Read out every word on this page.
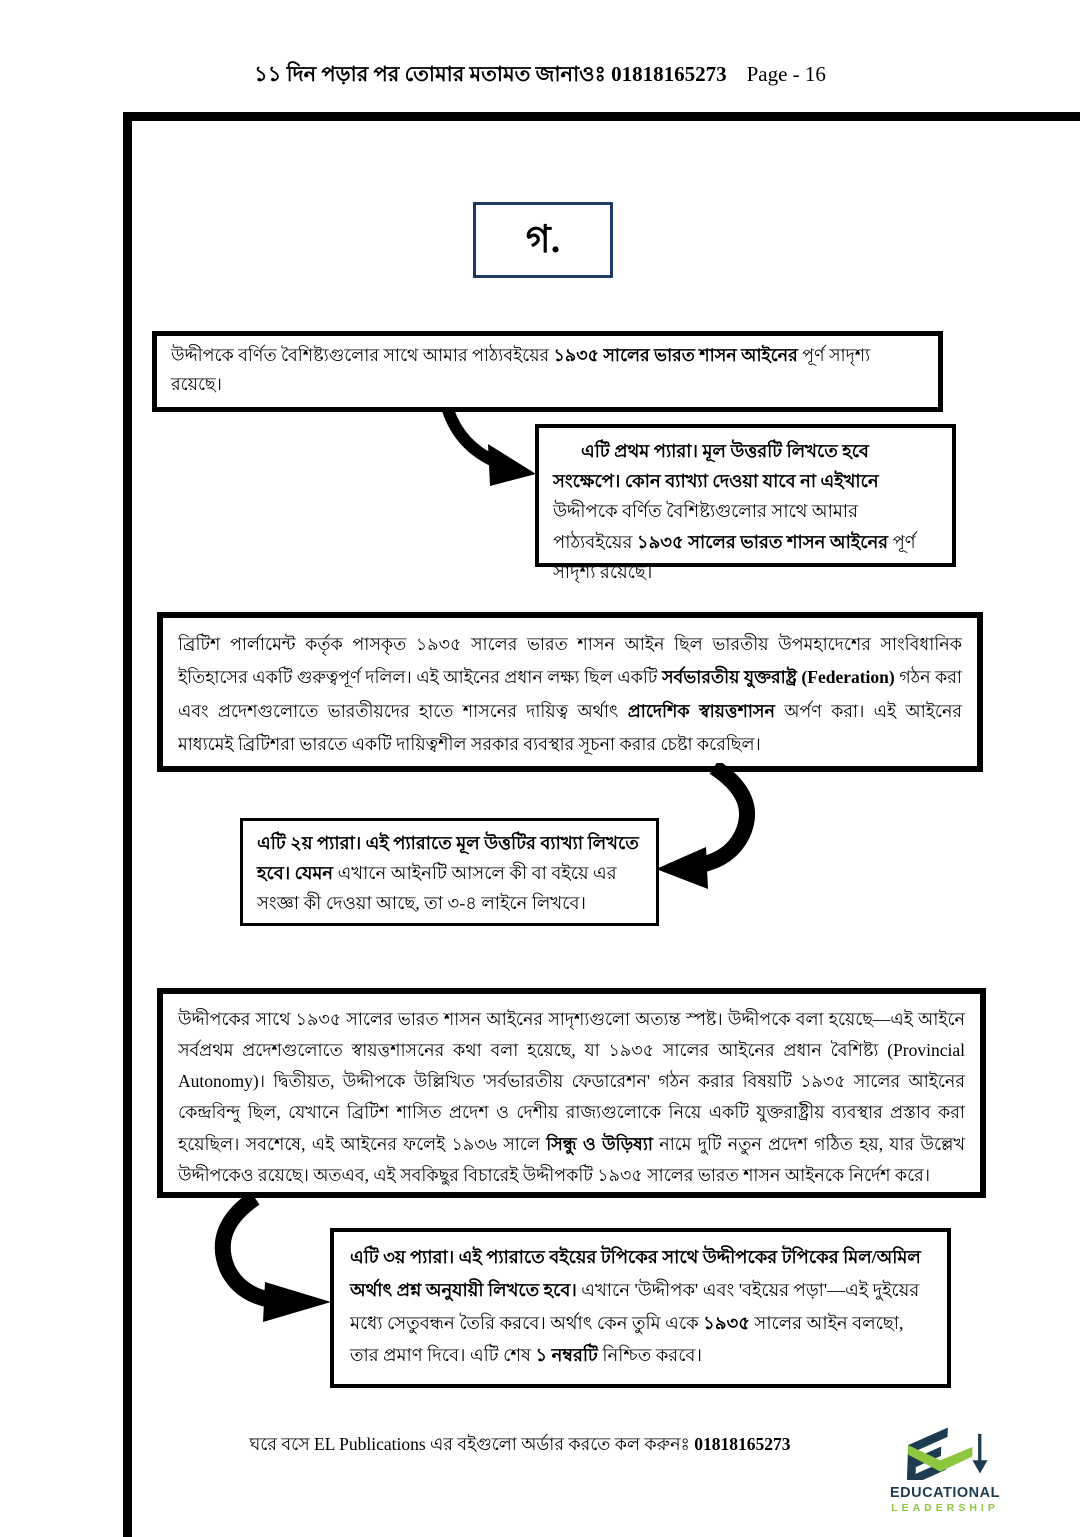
১১ দিন পড়ার পর তোমার মতামত জানাওঃ 01818165273 Page - 16
গ.

উদ্দীপকে বর্ণিত বৈশিষ্ট্যগুলোর সাথে আমার পাঠ্যবইয়ের ১৯৩৫ সালের ভারত শাসন আইনের পূর্ণ সাদৃশ্য রয়েছে।

এটি প্রথম প্যারা। মূল উত্তরটি লিখতে হবে সংক্ষেপে। কোন ব্যাখ্যা দেওয়া যাবে না এইখানে উদ্দীপকে বর্ণিত বৈশিষ্ট্যগুলোর সাথে আমার পাঠ্যবইয়ের ১৯৩৫ সালের ভারত শাসন আইনের পূর্ণ সাদৃশ্য রয়েছে।

ব্রিটিশ পার্লামেন্ট কর্তৃক পাসকৃত ১৯৩৫ সালের ভারত শাসন আইন ছিল ভারতীয় উপমহাদেশের সাংবিধানিক ইতিহাসের একটি গুরুত্বপূর্ণ দলিল। এই আইনের প্রধান লক্ষ্য ছিল একটি সর্বভারতীয় যুক্তরাষ্ট্র (Federation) গঠন করা এবং প্রদেশগুলোতে ভারতীয়দের হাতে শাসনের দায়িত্ব অর্থাৎ প্রাদেশিক স্বায়ত্তশাসন অর্পণ করা। এই আইনের মাধ্যমেই ব্রিটিশরা ভারতে একটি দায়িত্বশীল সরকার ব্যবস্থার সূচনা করার চেষ্টা করেছিল।

এটি ২য় প্যারা। এই প্যারাতে মূল উত্তটির ব্যাখ্যা লিখতে হবে। যেমন এখানে আইনটি আসলে কী বা বইয়ে এর সংজ্ঞা কী দেওয়া আছে, তা ৩-৪ লাইনে লিখবে।

উদ্দীপকের সাথে ১৯৩৫ সালের ভারত শাসন আইনের সাদৃশ্যগুলো অত্যন্ত স্পষ্ট। উদ্দীপকে বলা হয়েছে—এই আইনে সর্বপ্রথম প্রদেশগুলোতে স্বায়ত্তশাসনের কথা বলা হয়েছে, যা ১৯৩৫ সালের আইনের প্রধান বৈশিষ্ট্য (Provincial Autonomy)। দ্বিতীয়ত, উদ্দীপকে উল্লিখিত 'সর্বভারতীয় ফেডারেশন' গঠন করার বিষয়টি ১৯৩৫ সালের আইনের কেন্দ্রবিন্দু ছিল, যেখানে ব্রিটিশ শাসিত প্রদেশ ও দেশীয় রাজ্যগুলোকে নিয়ে একটি যুক্তরাষ্ট্রীয় ব্যবস্থার প্রস্তাব করা হয়েছিল। সবশেষে, এই আইনের ফলেই ১৯৩৬ সালে সিন্ধু ও উড়িষ্যা নামে দুটি নতুন প্রদেশ গঠিত হয়, যার উল্লেখ উদ্দীপকেও রয়েছে। অতএব, এই সবকিছুর বিচারেই উদ্দীপকটি ১৯৩৫ সালের ভারত শাসন আইনকে নির্দেশ করে।

এটি ৩য় প্যারা। এই প্যারাতে বইয়ের টপিকের সাথে উদ্দীপকের টপিকের মিল/অমিল অর্থাৎ প্রশ্ন অনুযায়ী লিখতে হবে। এখানে 'উদ্দীপক' এবং 'বইয়ের পড়া'—এই দুইয়ের মধ্যে সেতুবন্ধন তৈরি করবে। অর্থাৎ কেন তুমি একে ১৯৩৫ সালের আইন বলছো, তার প্রমাণ দিবে। এটি শেষ ১ নম্বরটি নিশ্চিত করবে।

ঘরে বসে EL Publications এর বইগুলো অর্ডার করতে কল করুনঃ 01818165273
EDUCATIONAL
LEADERSHIP
